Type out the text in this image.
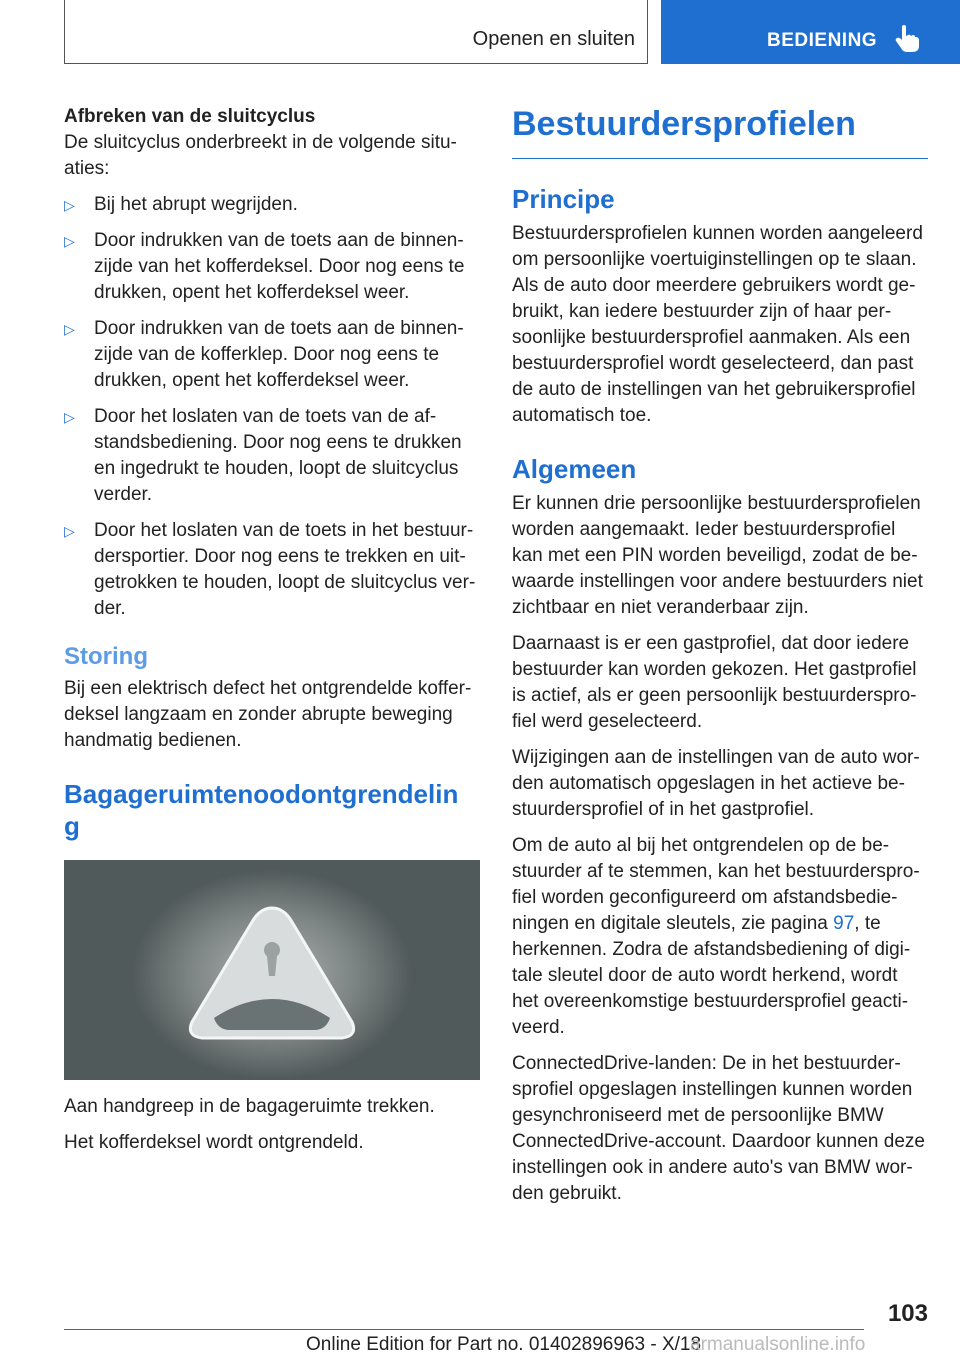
Openen en sluiten	BEDIENING

Afbreken van de sluitcyclus

De sluitcyclus onderbreekt in de volgende situ-aties:

▷ Bij het abrupt wegrijden.
▷ Door indrukken van de toets aan de binnen-zijde van het kofferdeksel. Door nog eens te drukken, opent het kofferdeksel weer.
▷ Door indrukken van de toets aan de binnen-zijde van de kofferklep. Door nog eens te drukken, opent het kofferdeksel weer.
▷ Door het loslaten van de toets van de af-standsbediening. Door nog eens te drukken en ingedrukt te houden, loopt de sluitcyclus verder.
▷ Door het loslaten van de toets in het bestuur-dersportier. Door nog eens te trekken en uit-getrokken te houden, loopt de sluitcyclus ver-der.
Storing

Bij een elektrisch defect het ontgrendelde koffer-deksel langzaam en zonder abrupte beweging handmatig bedienen.

Bagageruimtenoodontgrendelin g

Aan handgreep in de bagageruimte trekken.

Het kofferdeksel wordt ontgrendeld.

Bestuurdersprofielen
Principe

Bestuurdersprofielen kunnen worden aangeleerd om persoonlijke voertuiginstellingen op te slaan. Als de auto door meerdere gebruikers wordt ge-bruikt, kan iedere bestuurder zijn of haar per-soonlijke bestuurdersprofiel aanmaken. Als een bestuurdersprofiel wordt geselecteerd, dan past de auto de instellingen van het gebruikersprofiel automatisch toe.

Algemeen

Er kunnen drie persoonlijke bestuurdersprofielen worden aangemaakt. Ieder bestuurdersprofiel kan met een PIN worden beveiligd, zodat de be-waarde instellingen voor andere bestuurders niet zichtbaar en niet veranderbaar zijn.

Daarnaast is er een gastprofiel, dat door iedere bestuurder kan worden gekozen. Het gastprofiel is actief, als er geen persoonlijk bestuurderspro-fiel werd geselecteerd.

Wijzigingen aan de instellingen van de auto wor-den automatisch opgeslagen in het actieve be-stuurdersprofiel of in het gastprofiel.

Om de auto al bij het ontgrendelen op de be-stuurder af te stemmen, kan het bestuurderspro-fiel worden geconfigureerd om afstandsbedie-ningen en digitale sleutels, zie pagina 97, te herkennen. Zodra de afstandsbediening of digi-tale sleutel door de auto wordt herkend, wordt het overeenkomstige bestuurdersprofiel geacti-veerd.

ConnectedDrive-landen: De in het bestuurder-sprofiel opgeslagen instellingen kunnen worden gesynchroniseerd met de persoonlijke BMW ConnectedDrive-account. Daardoor kunnen deze instellingen ook in andere auto's van BMW wor-den gebruikt.

103
Online Edition for Part no. 01402896963 - X/18
armanualsonline.info
